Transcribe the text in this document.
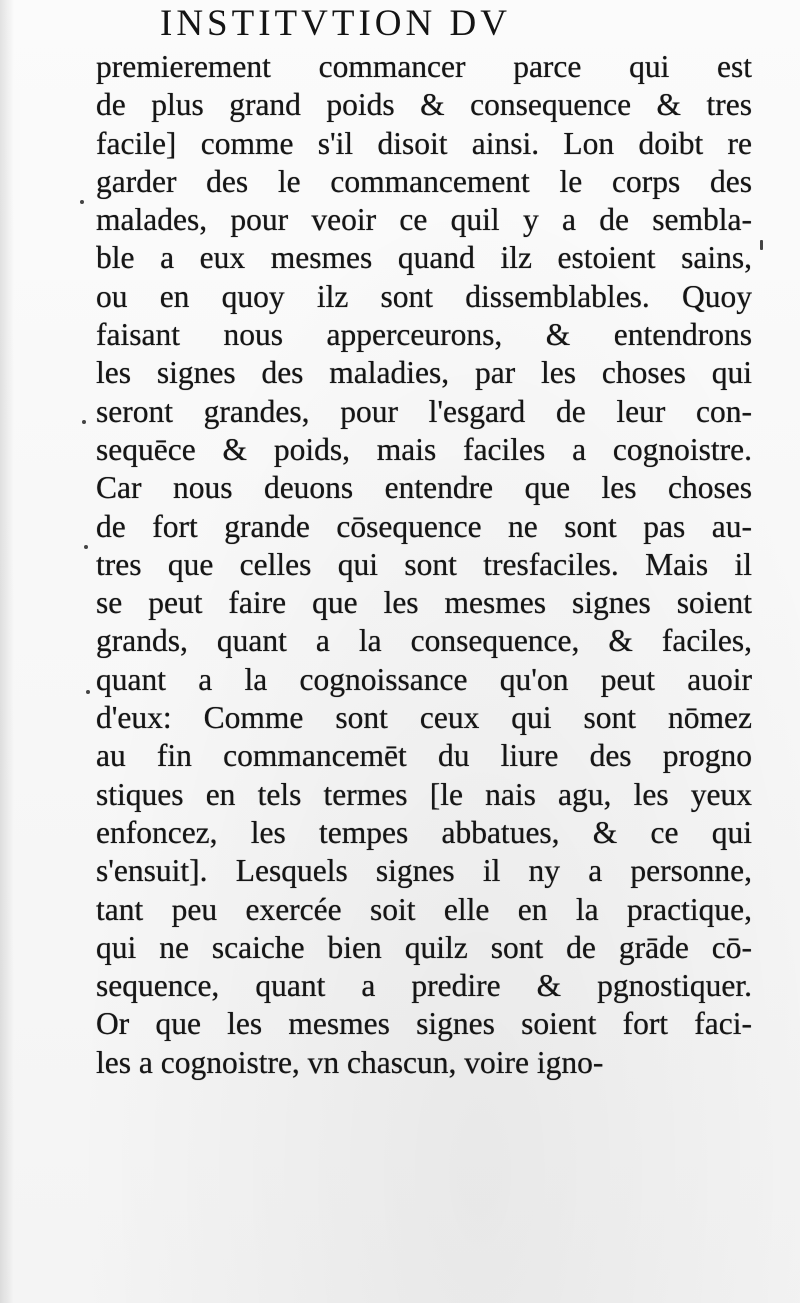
INSTITVTION DV
premierement commancer parce qui est
de plus grand poids & consequence & tres
facile] comme s'il disoit ainsi. Lon doibt re
garder des le commancement le corps des
malades, pour veoir ce quil y a de sembla-
ble a eux mesmes quand ilz estoient sains,
ou en quoy ilz sont dissemblables. Quoy
faisant nous apperceurons, & entendrons
les signes des maladies, par les choses qui
seront grandes, pour l'esgard de leur con-
sequēce & poids, mais faciles a cognoistre.
Car nous deuons entendre que les choses
de fort grande cōsequence ne sont pas au-
tres que celles qui sont tresfaciles. Mais il
se peut faire que les mesmes signes soient
grands, quant a la consequence, & faciles,
quant a la cognoissance qu'on peut auoir
d'eux: Comme sont ceux qui sont nōmez
au fin commancemēt du liure des progno
stiques en tels termes [le nais agu, les yeux
enfoncez, les tempes abbatues, & ce qui
s'ensuit]. Lesquels signes il ny a personne,
tant peu exercée soit elle en la practique,
qui ne scaiche bien quilz sont de grāde cō-
sequence, quant a predire & pgnostiquer.
Or que les mesmes signes soient fort faci-
les a cognoistre, vn chascun, voire igno-
